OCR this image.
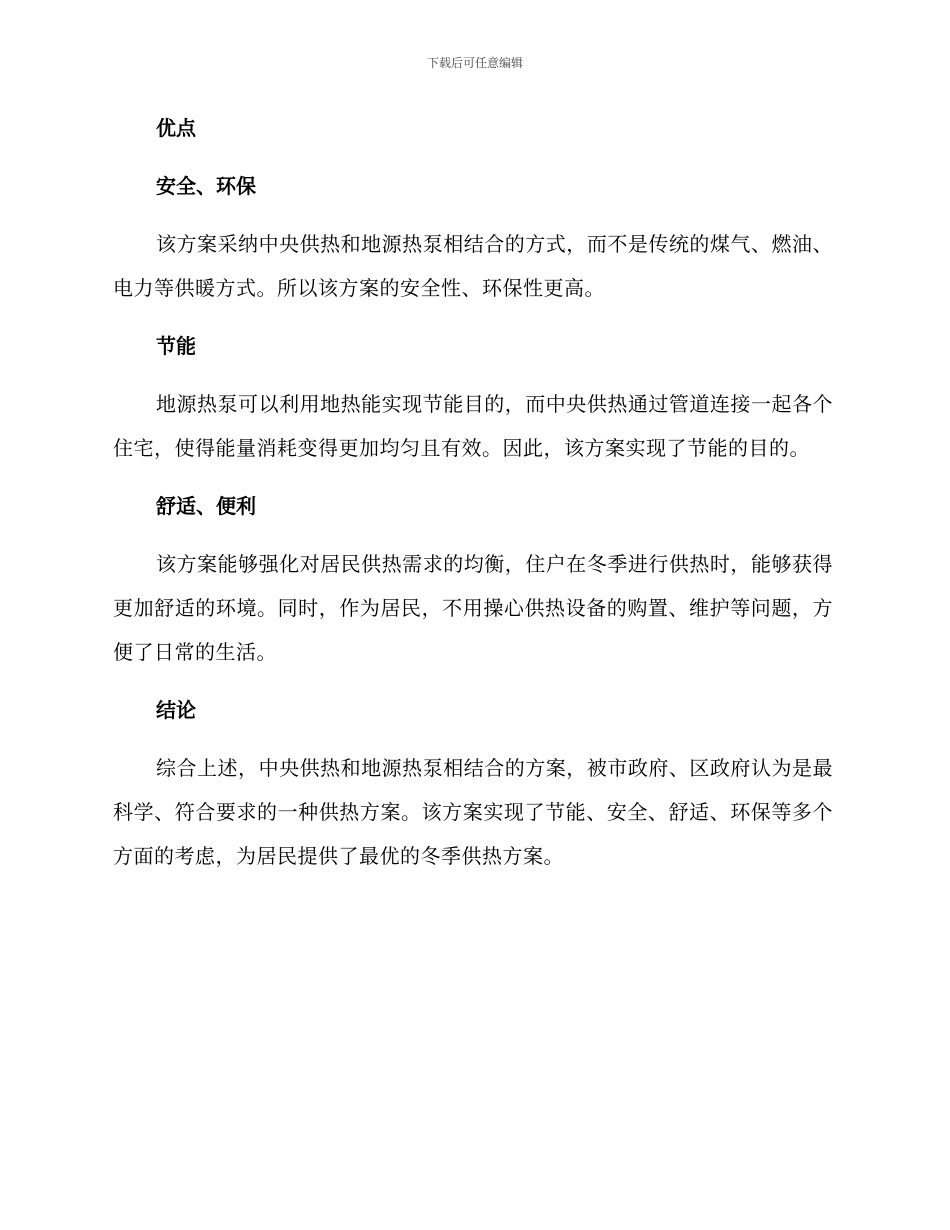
下载后可任意编辑
优点
安全、环保
该方案采纳中央供热和地源热泵相结合的方式，而不是传统的煤气、燃油、电力等供暖方式。所以该方案的安全性、环保性更高。
节能
地源热泵可以利用地热能实现节能目的，而中央供热通过管道连接一起各个住宅，使得能量消耗变得更加均匀且有效。因此，该方案实现了节能的目的。
舒适、便利
该方案能够强化对居民供热需求的均衡，住户在冬季进行供热时，能够获得更加舒适的环境。同时，作为居民，不用操心供热设备的购置、维护等问题，方便了日常的生活。
结论
综合上述，中央供热和地源热泵相结合的方案，被市政府、区政府认为是最科学、符合要求的一种供热方案。该方案实现了节能、安全、舒适、环保等多个方面的考虑，为居民提供了最优的冬季供热方案。
